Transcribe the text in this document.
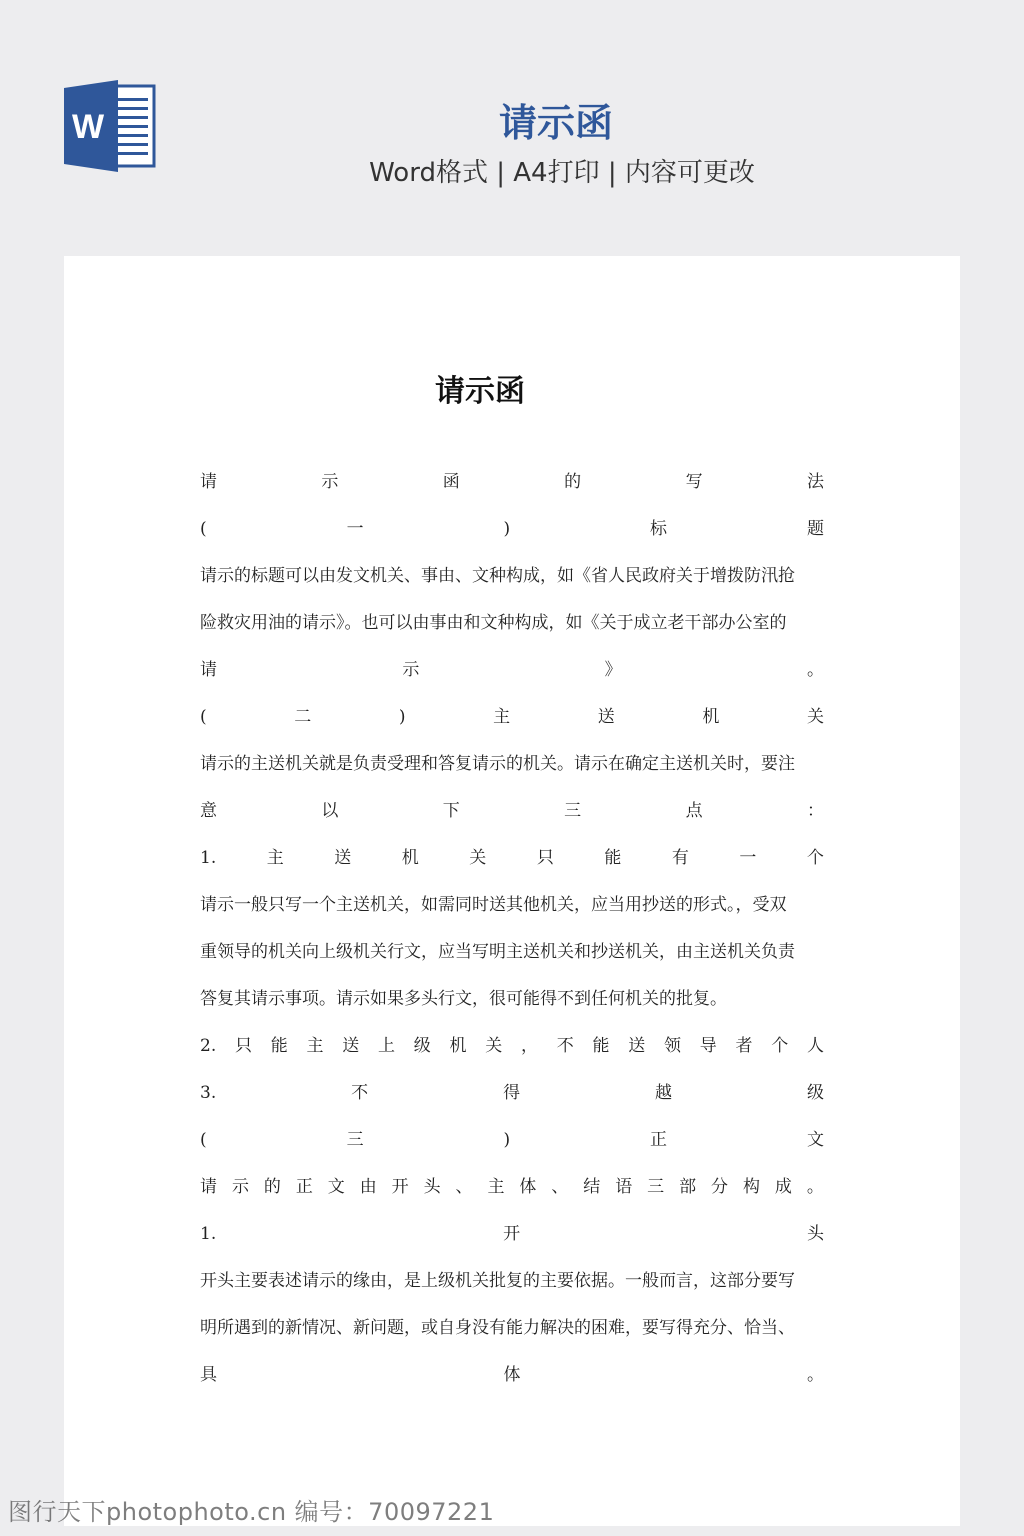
W	请示函
Word格式 | A4打印 | 内容可更改
请示函
请	示	函	的	写	法
(	一	)	标	题
请示的标题可以由发文机关、事由、文种构成，如《省人民政府关于增拨防汛抢
险救灾用油的请示》。也可以由事由和文种构成，如《关于成立老干部办公室的
请	示	》	。
(	二	)	主	送	机	关
请示的主送机关就是负责受理和答复请示的机关。请示在确定主送机关时，要注
意	以	下	三	点	：
1.	主	送	机	关	只	能	有	一	个
请示一般只写一个主送机关，如需同时送其他机关，应当用抄送的形式。，受双
重领导的机关向上级机关行文，应当写明主送机关和抄送机关，由主送机关负责
答复其请示事项。请示如果多头行文，很可能得不到任何机关的批复。
2. 只 能 主 送 上 级 机 关 ， 不 能 送 领 导 者 个 人
3.	不	得	越	级
(	三	)	正	文
请 示 的 正 文 由 开 头 、 主 体 、 结 语 三 部 分 构 成 。
1.	开	头
开头主要表述请示的缘由，是上级机关批复的主要依据。一般而言，这部分要写
明所遇到的新情况、新问题，或自身没有能力解决的困难，要写得充分、恰当、
具	体	。
图行天下photophoto.cn 编号：70097221
